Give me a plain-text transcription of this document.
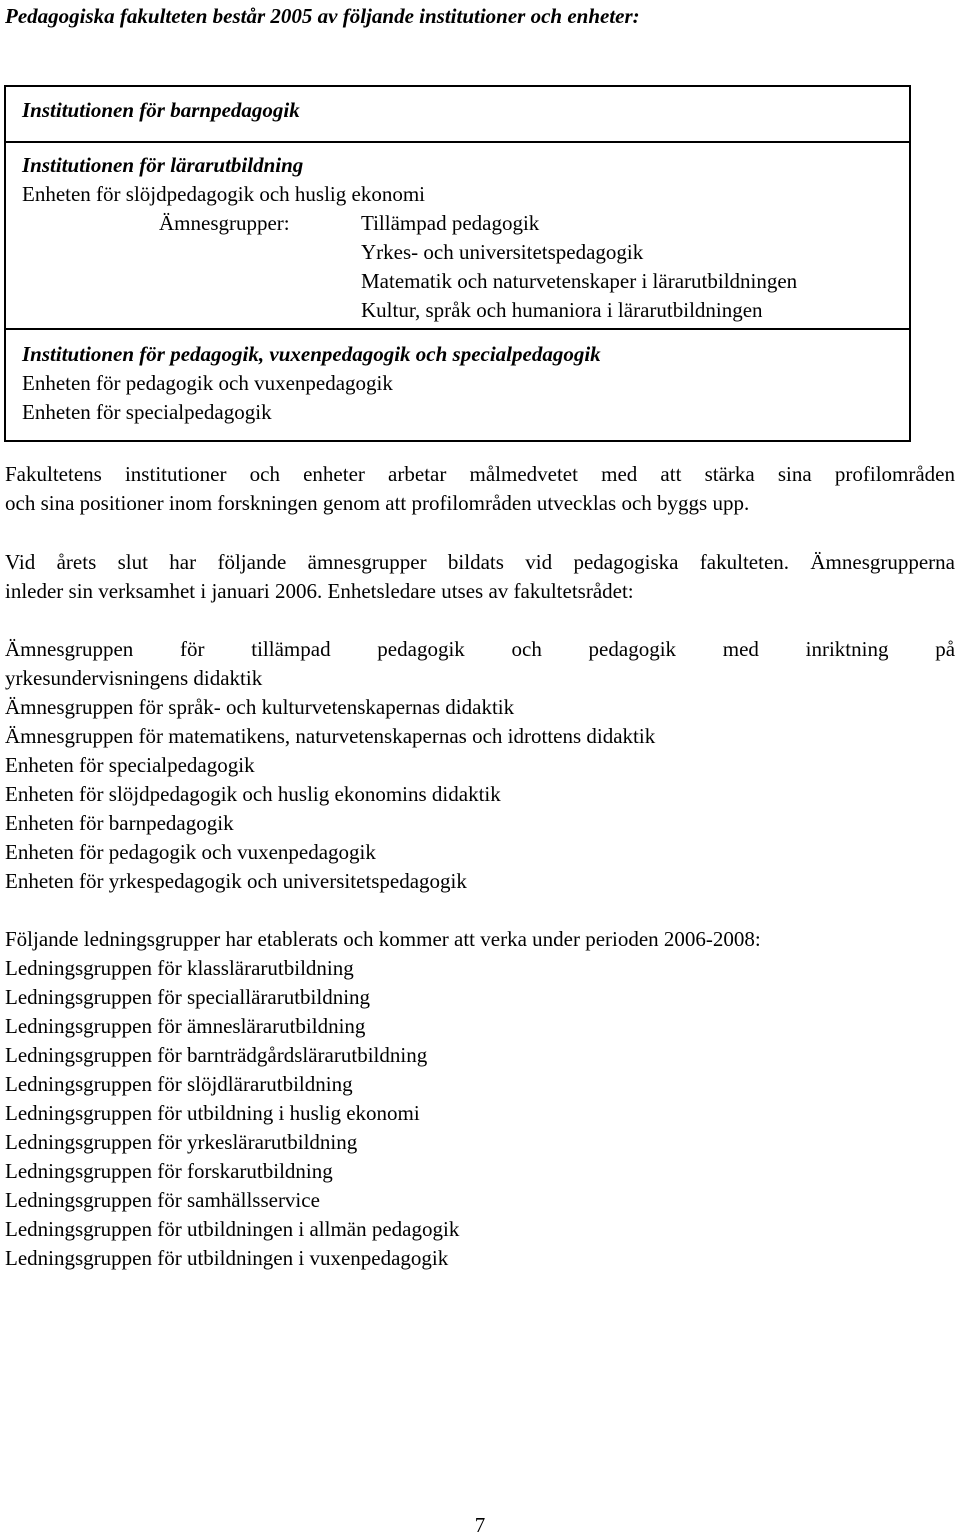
Pedagogiska fakulteten består 2005 av följande institutioner och enheter:
Institutionen för barnpedagogik
Institutionen för lärarutbildning
Enheten för slöjdpedagogik och huslig ekonomi
Ämnesgrupper:	Tillämpad pedagogik
Yrkes- och universitetspedagogik
Matematik och naturvetenskaper i lärarutbildningen
Kultur, språk och humaniora i lärarutbildningen
Institutionen för pedagogik, vuxenpedagogik och specialpedagogik
Enheten för pedagogik och vuxenpedagogik
Enheten för specialpedagogik
Fakultetens institutioner och enheter arbetar målmedvetet med att stärka sina profilområden
och sina positioner inom forskningen genom att profilområden utvecklas och byggs upp.
Vid årets slut har följande ämnesgrupper bildats vid pedagogiska fakulteten. Ämnesgrupperna
inleder sin verksamhet i januari 2006. Enhetsledare utses av fakultetsrådet:
Ämnesgruppen för tillämpad pedagogik och pedagogik med inriktning på
yrkesundervisningens didaktik
Ämnesgruppen för språk- och kulturvetenskapernas didaktik
Ämnesgruppen för matematikens, naturvetenskapernas och idrottens didaktik
Enheten för specialpedagogik
Enheten för slöjdpedagogik och huslig ekonomins didaktik
Enheten för barnpedagogik
Enheten för pedagogik och vuxenpedagogik
Enheten för yrkespedagogik och universitetspedagogik
Följande ledningsgrupper har etablerats och kommer att verka under perioden 2006-2008:
Ledningsgruppen för klasslärarutbildning
Ledningsgruppen för speciallärarutbildning
Ledningsgruppen för ämneslärarutbildning
Ledningsgruppen för barnträdgårdslärarutbildning
Ledningsgruppen för slöjdlärarutbildning
Ledningsgruppen för utbildning i huslig ekonomi
Ledningsgruppen för yrkeslärarutbildning
Ledningsgruppen för forskarutbildning
Ledningsgruppen för samhällsservice
Ledningsgruppen för utbildningen i allmän pedagogik
Ledningsgruppen för utbildningen i vuxenpedagogik
7
